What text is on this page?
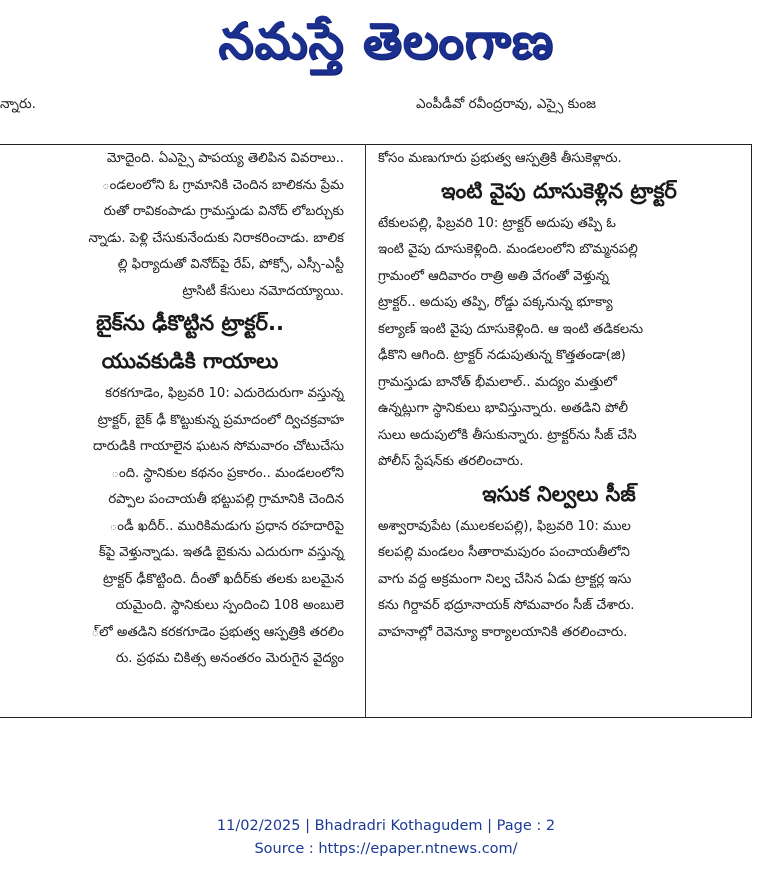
నమస్తే తెలంగాణ
న్నారు.	ఎంపీడీవో రవీంద్రరావు, ఎస్సై కుంజ
మోదైంది. ఏఎస్సై పాపయ్య తెలిపిన వివరాలు..
ండలంలోని ఓ గ్రామానికి చెందిన బాలికను ప్రేమ
రుతో రావికంపాడు గ్రామస్తుడు వినోద్ లోబర్చుకు
న్నాడు. పెళ్లి చేసుకునేందుకు నిరాకరించాడు. బాలిక
ల్లి ఫిర్యాదుతో వినోద్‌పై రేప్, పోక్సో, ఎస్సీ-ఎస్టీ
ట్రాసిటీ కేసులు నమోదయ్యాయి.
బైక్‌ను ఢీకొట్టిన ట్రాక్టర్..
యువకుడికి గాయాలు
కరకగూడెం, ఫిబ్రవరి 10: ఎదురెదురుగా వస్తున్న
ట్రాక్టర్, బైక్ ఢీ కొట్టుకున్న ప్రమాదంలో ద్విచక్రవాహ
దారుడికి గాయాలైన ఘటన సోమవారం చోటుచేసు
ంది. స్థానికుల కథనం ప్రకారం.. మండలంలోని
రప్పాల పంచాయతీ భట్టుపల్లి గ్రామానికి చెందిన
ండీ ఖదీర్.. మురికిమడుగు ప్రధాన రహదారిపై
క్‌పై వెళ్తున్నాడు. ఇతడి బైకును ఎదురుగా వస్తున్న
ట్రాక్టర్ ఢీకొట్టింది. దీంతో ఖదీర్‌కు తలకు బలమైన
యమైంది. స్థానికులు స్పందించి 108 అంబులె
్‌లో అతడిని కరకగూడెం ప్రభుత్వ ఆస్పత్రికి తరలిం
రు. ప్రథమ చికిత్స అనంతరం మెరుగైన వైద్యం
కోసం మణుగూరు ప్రభుత్వ ఆస్పత్రికి తీసుకెళ్లారు.
ఇంటి వైపు దూసుకెళ్లిన ట్రాక్టర్
టేకులపల్లి, ఫిబ్రవరి 10: ట్రాక్టర్ అదుపు తప్పి ఓ
ఇంటి వైపు దూసుకెళ్లింది. మండలంలోని బొమ్మనపల్లి
గ్రామంలో ఆదివారం రాత్రి అతి వేగంతో వెళ్తున్న
ట్రాక్టర్.. అదుపు తప్పి, రోడ్డు పక్కనున్న భూక్యా
కల్యాణ్ ఇంటి వైపు దూసుకెళ్లింది. ఆ ఇంటి తడికలను
ఢీకొని ఆగింది. ట్రాక్టర్ నడుపుతున్న కొత్తతండా(జి)
గ్రామస్తుడు బానోత్ భీమలాల్.. మద్యం మత్తులో
ఉన్నట్లుగా స్థానికులు భావిస్తున్నారు. అతడిని పోలీ
సులు అదుపులోకి తీసుకున్నారు. ట్రాక్టర్‌ను సీజ్ చేసి
పోలీస్ స్టేషన్‌కు తరలించారు.
ఇసుక నిల్వలు సీజ్
అశ్వారావుపేట (ములకలపల్లి), ఫిబ్రవరి 10: ముల
కలపల్లి మండలం సీతారామపురం పంచాయతీలోని
వాగు వద్ద అక్రమంగా నిల్వ చేసిన ఏడు ట్రాక్టర్ల ఇసు
కను గిర్దావర్ భద్రూనాయక్ సోమవారం సీజ్ చేశారు.
వాహనాల్లో రెవెన్యూ కార్యాలయానికి తరలించారు.
11/02/2025 | Bhadradri Kothagudem | Page : 2
Source : https://epaper.ntnews.com/
